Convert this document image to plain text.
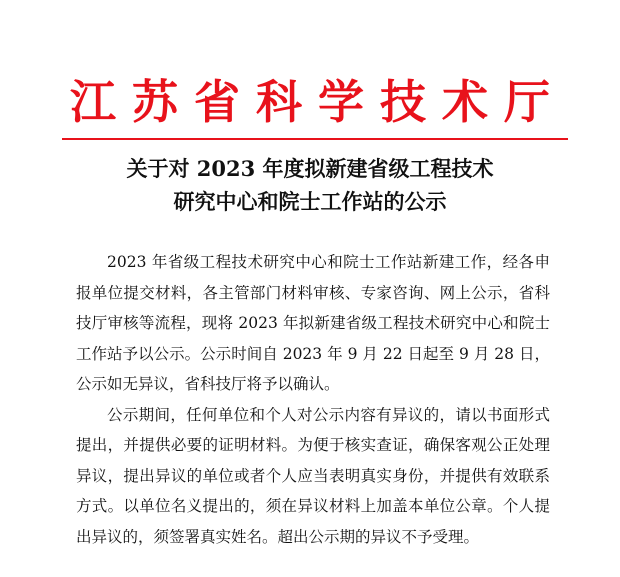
江苏省科学技术厅
关于对 2023 年度拟新建省级工程技术
研究中心和院士工作站的公示

2023 年省级工程技术研究中心和院士工作站新建工作，经各申报单位提交材料，各主管部门材料审核、专家咨询、网上公示，省科技厅审核等流程，现将 2023 年拟新建省级工程技术研究中心和院士工作站予以公示。公示时间自 2023 年 9 月 22 日起至 9 月 28 日，公示如无异议，省科技厅将予以确认。

公示期间，任何单位和个人对公示内容有异议的，请以书面形式提出，并提供必要的证明材料。为便于核实查证，确保客观公正处理异议，提出异议的单位或者个人应当表明真实身份，并提供有效联系方式。以单位名义提出的，须在异议材料上加盖本单位公章。个人提出异议的，须签署真实姓名。超出公示期的异议不予受理。
